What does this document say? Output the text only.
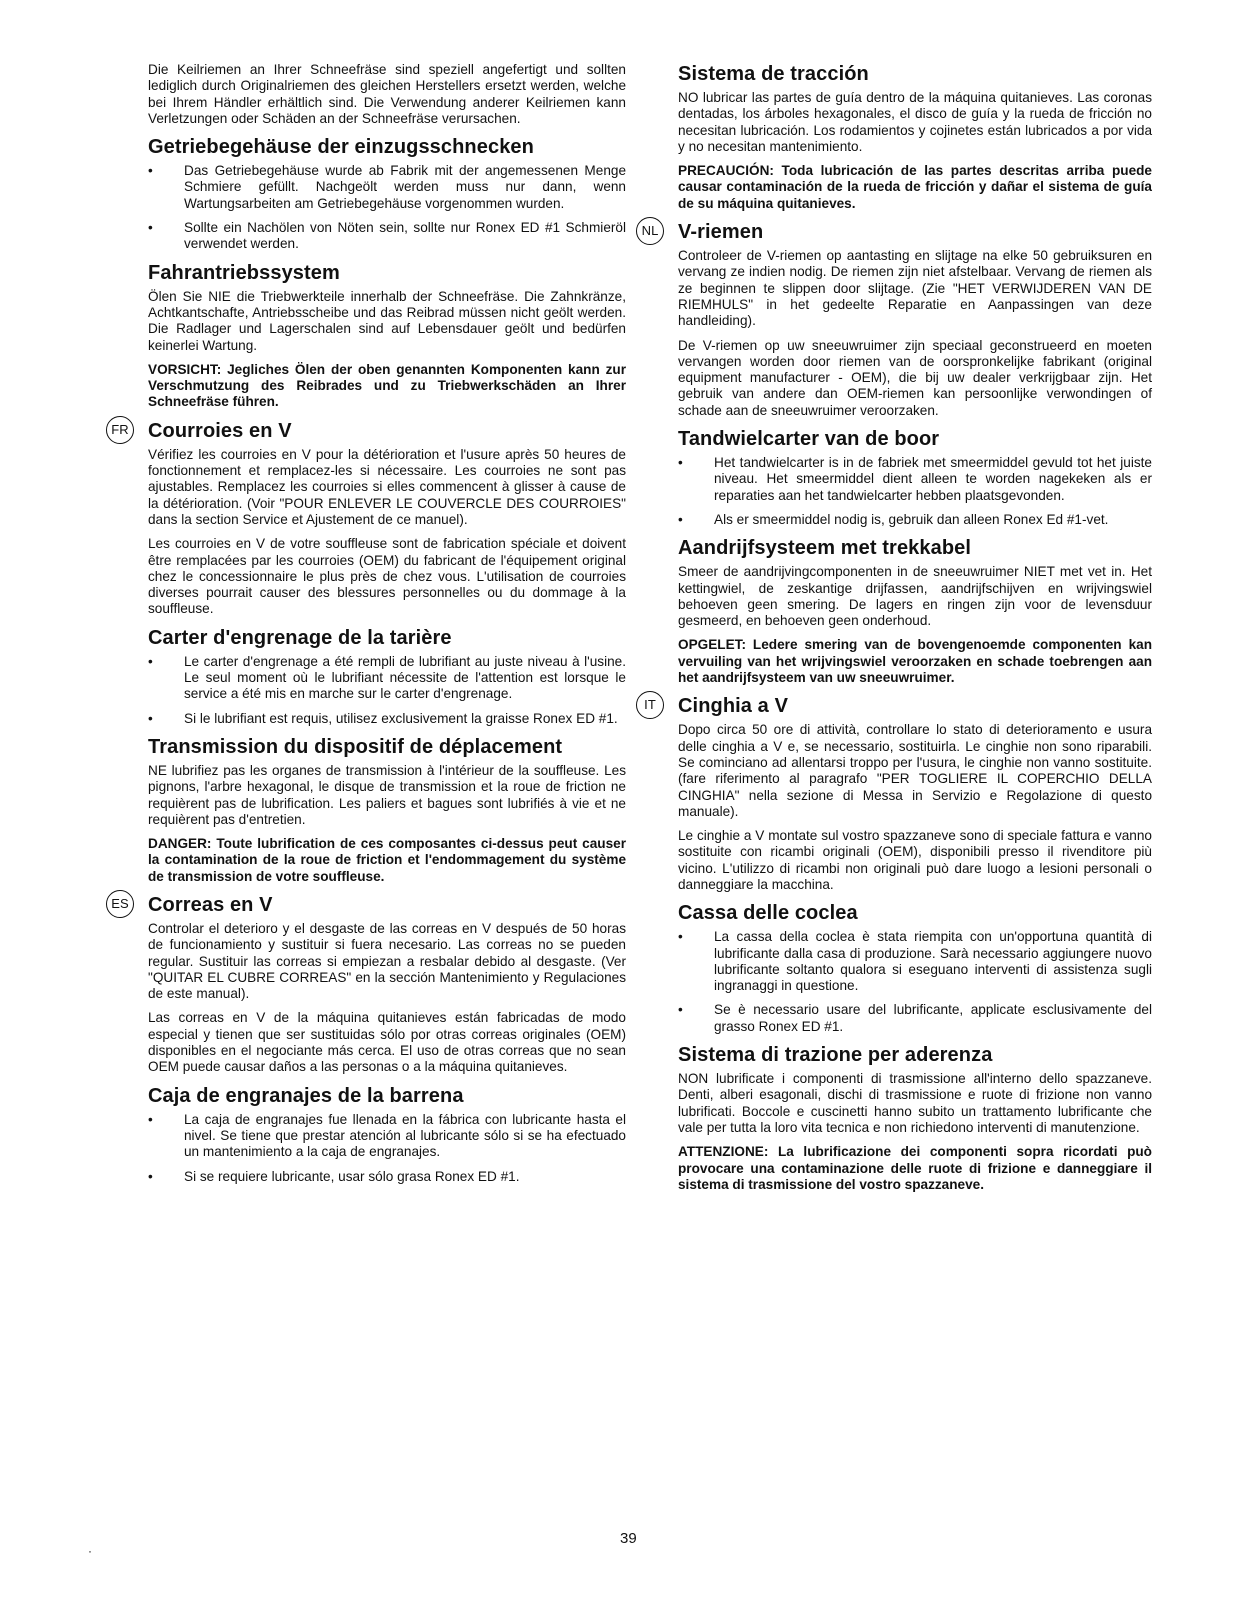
Die Keilriemen an Ihrer Schneefräse sind speziell angefertigt und sollten lediglich durch Originalriemen des gleichen Herstellers ersetzt werden, welche bei Ihrem Händler erhältlich sind. Die Verwendung anderer Keilriemen kann Verletzungen oder Schäden an der Schneefräse verursachen.

Getriebegehäuse der einzugsschnecken
• Das Getriebegehäuse wurde ab Fabrik mit der angemessenen Menge Schmiere gefüllt. Nachgeölt werden muss nur dann, wenn Wartungsarbeiten am Getriebegehäuse vorgenommen wurden.
• Sollte ein Nachölen von Nöten sein, sollte nur Ronex ED #1 Schmieröl verwendet werden.
Fahrantriebssystem

Ölen Sie NIE die Triebwerkteile innerhalb der Schneefräse. Die Zahnkränze, Achtkantschafte, Antriebsscheibe und das Reibrad müssen nicht geölt werden. Die Radlager und Lagerschalen sind auf Lebensdauer geölt und bedürfen keinerlei Wartung.

VORSICHT: Jegliches Ölen der oben genannten Komponenten kann zur Verschmutzung des Reibrades und zu Triebwerkschäden an Ihrer Schneefräse führen.

FR Courroies en V

Vérifiez les courroies en V pour la détérioration et l'usure après 50 heures de fonctionnement et remplacez-les si nécessaire. Les courroies ne sont pas ajustables. Remplacez les courroies si elles commencent à glisser à cause de la détérioration. (Voir "POUR ENLEVER LE COUVERCLE DES COURROIES" dans la section Service et Ajustement de ce manuel).

Les courroies en V de votre souffleuse sont de fabrication spéciale et doivent être remplacées par les courroies (OEM) du fabricant de l'équipement original chez le concessionnaire le plus près de chez vous. L'utilisation de courroies diverses pourrait causer des blessures personnelles ou du dommage à la souffleuse.

Carter d'engrenage de la tarière
• Le carter d'engrenage a été rempli de lubrifiant au juste niveau à l'usine. Le seul moment où le lubrifiant nécessite de l'attention est lorsque le service a été mis en marche sur le carter d'engrenage.
• Si le lubrifiant est requis, utilisez exclusivement la graisse Ronex ED #1.
Transmission du dispositif de déplacement

NE lubrifiez pas les organes de transmission à l'intérieur de la souffleuse. Les pignons, l'arbre hexagonal, le disque de transmission et la roue de friction ne requièrent pas de lubrification. Les paliers et bagues sont lubrifiés à vie et ne requièrent pas d'entretien.

DANGER: Toute lubrification de ces composantes ci-dessus peut causer la contamination de la roue de friction et l'endommagement du système de transmission de votre souffleuse.

ES Correas en V

Controlar el deterioro y el desgaste de las correas en V después de 50 horas de funcionamiento y sustituir si fuera necesario. Las correas no se pueden regular. Sustituir las correas si empiezan a resbalar debido al desgaste. (Ver "QUITAR EL CUBRE CORREAS" en la sección Mantenimiento y Regulaciones de este manual).

Las correas en V de la máquina quitanieves están fabricadas de modo especial y tienen que ser sustituidas sólo por otras correas originales (OEM) disponibles en el negociante más cerca. El uso de otras correas que no sean OEM puede causar daños a las personas o a la máquina quitanieves.

Caja de engranajes de la barrena
• La caja de engranajes fue llenada en la fábrica con lubricante hasta el nivel. Se tiene que prestar atención al lubricante sólo si se ha efectuado un mantenimiento a la caja de engranajes.
• Si se requiere lubricante, usar sólo grasa Ronex ED #1.
Sistema de tracción

NO lubricar las partes de guía dentro de la máquina quitanieves. Las coronas dentadas, los árboles hexagonales, el disco de guía y la rueda de fricción no necesitan lubricación. Los rodamientos y cojinetes están lubricados a por vida y no necesitan mantenimiento.

PRECAUCIÓN: Toda lubricación de las partes descritas arriba puede causar contaminación de la rueda de fricción y dañar el sistema de guía de su máquina quitanieves.

NL V-riemen

Controleer de V-riemen op aantasting en slijtage na elke 50 gebruiksuren en vervang ze indien nodig. De riemen zijn niet afstelbaar. Vervang de riemen als ze beginnen te slippen door slijtage. (Zie "HET VERWIJDEREN VAN DE RIEMHULS" in het gedeelte Reparatie en Aanpassingen van deze handleiding).

De V-riemen op uw sneeuwruimer zijn speciaal geconstrueerd en moeten vervangen worden door riemen van de oorspronkelijke fabrikant (original equipment manufacturer - OEM), die bij uw dealer verkrijgbaar zijn. Het gebruik van andere dan OEM-riemen kan persoonlijke verwondingen of schade aan de sneeuwruimer veroorzaken.

Tandwielcarter van de boor
• Het tandwielcarter is in de fabriek met smeermiddel gevuld tot het juiste niveau. Het smeermiddel dient alleen te worden nagekeken als er reparaties aan het tandwielcarter hebben plaatsgevonden.
• Als er smeermiddel nodig is, gebruik dan alleen Ronex Ed #1-vet.
Aandrijfsysteem met trekkabel

Smeer de aandrijvingcomponenten in de sneeuwruimer NIET met vet in. Het kettingwiel, de zeskantige drijfassen, aandrijfschijven en wrijvingswiel behoeven geen smering. De lagers en ringen zijn voor de levensduur gesmeerd, en behoeven geen onderhoud.

OPGELET: Ledere smering van de bovengenoemde componenten kan vervuiling van het wrijvingswiel veroorzaken en schade toebrengen aan het aandrijfsysteem van uw sneeuwruimer.

IT	Cinghia a V

Dopo circa 50 ore di attività, controllare lo stato di deterioramento e usura delle cinghia a V e, se necessario, sostituirla. Le cinghie non sono riparabili. Se cominciano ad allentarsi troppo per l'usura, le cinghie non vanno sostituite. (fare riferimento al paragrafo "PER TOGLIERE IL COPERCHIO DELLA CINGHIA" nella sezione di Messa in Servizio e Regolazione di questo manuale).

Le cinghie a V montate sul vostro spazzaneve sono di speciale fattura e vanno sostituite con ricambi originali (OEM), disponibili presso il rivenditore più vicino. L'utilizzo di ricambi non originali può dare luogo a lesioni personali o danneggiare la macchina.

Cassa delle coclea
• La cassa della coclea è stata riempita con un'opportuna quantità di lubrificante dalla casa di produzione. Sarà necessario aggiungere nuovo lubrificante soltanto qualora si eseguano interventi di assistenza sugli ingranaggi in questione.
• Se è necessario usare del lubrificante, applicate esclusivamente del grasso Ronex ED #1.
Sistema di trazione per aderenza

NON lubrificate i componenti di trasmissione all'interno dello spazzaneve. Denti, alberi esagonali, dischi di trasmissione e ruote di frizione non vanno lubrificati. Boccole e cuscinetti hanno subito un trattamento lubrificante che vale per tutta la loro vita tecnica e non richiedono interventi di manutenzione.

ATTENZIONE: La lubrificazione dei componenti sopra ricordati può provocare una contaminazione delle ruote di frizione e danneggiare il sistema di trasmissione del vostro spazzaneve.

·
39
